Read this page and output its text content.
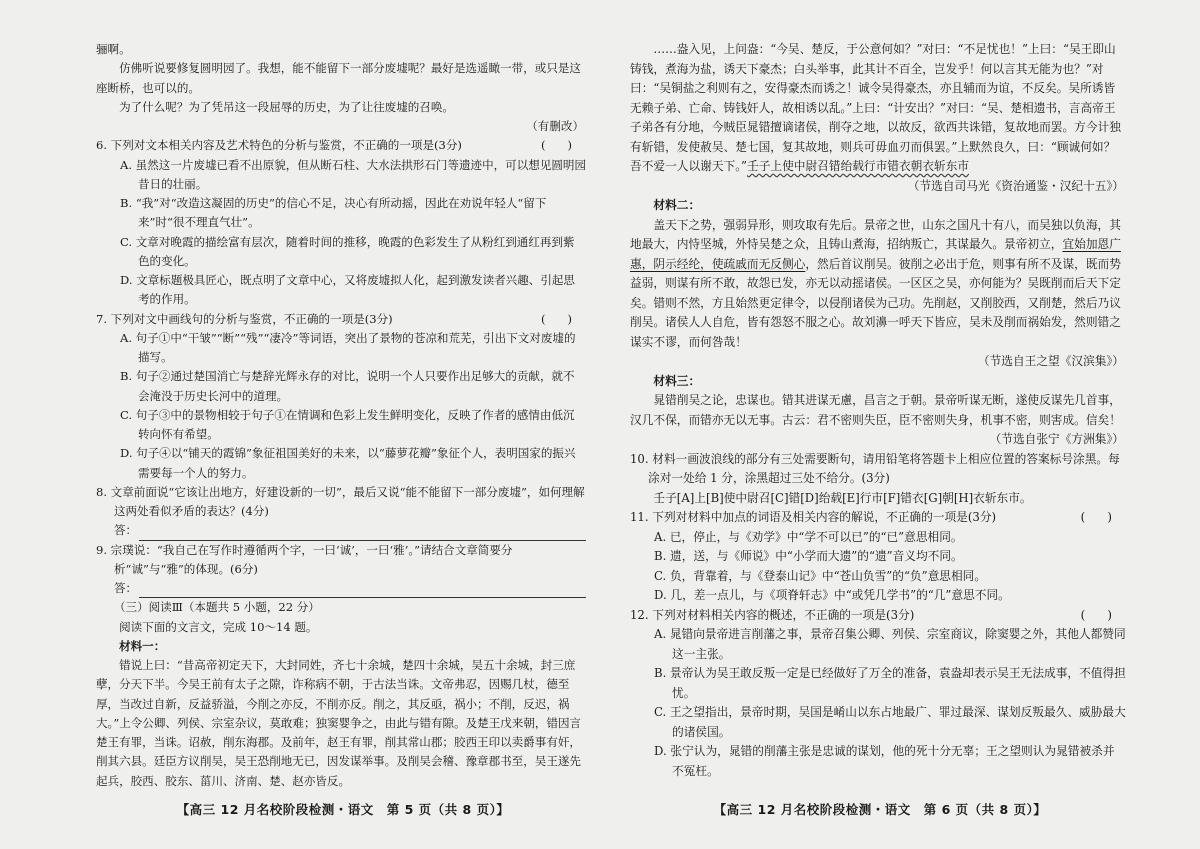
骊啊。

仿佛听说要修复圆明园了。我想，能不能留下一部分废墟呢？最好是选遥瞰一带，或只是这座断桥，也可以的。

为了什么呢？为了凭吊这一段屈辱的历史，为了让往废墟的召唤。

（有删改）

6. 下列对文本相关内容及艺术特色的分析与鉴赏，不正确的一项是(3分)	(      )

A. 虽然这一片废墟已看不出原貌，但从断石柱、大水法拱形石门等遗迹中，可以想见圆明园昔日的壮丽。

B. “我”对“改造这凝固的历史”的信心不足，决心有所动摇，因此在劝说年轻人“留下来”时“很不理直气壮”。

C. 文章对晚霞的描绘富有层次，随着时间的推移，晚霞的色彩发生了从粉红到通红再到紫色的变化。

D. 文章标题极具匠心，既点明了文章中心，又将废墟拟人化，起到激发读者兴趣、引起思考的作用。

7. 下列对文中画线句的分析与鉴赏，不正确的一项是(3分)	(      )

A. 句子①中“干皱”“断”“残”“凄冷”等词语，突出了景物的苍凉和荒芜，引出下文对废墟的描写。

B. 句子②通过楚国消亡与楚辞光辉永存的对比，说明一个人只要作出足够大的贡献，就不会淹没于历史长河中的道理。

C. 句子③中的景物相较于句子①在情调和色彩上发生鲜明变化，反映了作者的感情由低沉转向怀有希望。

D. 句子④以“铺天的霞锦”象征祖国美好的未来，以“藤萝花瓣”象征个人，表明国家的振兴需要每一个人的努力。

8. 文章前面说“它该让出地方，好建设新的一切”，最后又说“能不能留下一部分废墟”，如何理解这两处看似矛盾的表达？(4分)

答：

9. 宗璞说：“我自己在写作时遵循两个字，一曰‘诚’，一曰‘雅’。”请结合文章简要分析“诚”与“雅”的体现。(6分)

答：

（三）阅读Ⅲ（本题共 5 小题，22 分）

阅读下面的文言文，完成 10～14 题。

材料一：

错说上曰：“昔高帝初定天下，大封同姓，齐七十余城，楚四十余城，吴五十余城，封三庶孽，分天下半。今吴王前有太子之隙，诈称病不朝，于古法当诛。文帝弗忍，因赐几杖，德至厚，当改过自新，反益骄溢，今削之亦反，不削亦反。削之，其反亟，祸小；不削，反迟，祸大。”上令公卿、列侯、宗室杂议，莫敢难；独窦婴争之，由此与错有隙。及楚王戊来朝，错因言楚王有罪，当诛。诏赦，削东海郡。及前年，赵王有罪，削其常山郡；胶西王印以卖爵事有奸，削其六县。廷臣方议削吴，吴王恐削地无已，因发谋举事。及削吴会稽、豫章郡书至，吴王遂先起兵，胶西、胶东、菑川、济南、楚、赵亦皆反。

【高三 12 月名校阶段检测・语文　第 5 页（共 8 页）】

……盎入见，上问盎：“今吴、楚反，于公意何如？”对曰：“不足忧也！”上曰：“吴王即山铸钱，煮海为盐，诱天下豪杰；白头举事，此其计不百全，岂发乎！何以言其无能为也？”对曰：“吴铜盐之利则有之，安得豪杰而诱之！诚令吴得豪杰，亦且辅而为谊，不反矣。吴所诱皆无赖子弟、亡命、铸钱奸人，故相诱以乱。”上曰：“计安出？”对曰：“吴、楚相遗书，言高帝王子弟各有分地，今贼臣晁错擅谪诸侯，削夺之地，以故反，欲西共诛错，复故地而罢。方今计独有斩错，发使赦吴、楚七国，复其故地，则兵可毋血刃而俱罢。”上默然良久，曰：“顾诚何如？吾不爱一人以谢天下。”壬子上使中尉召错绐载行市错衣朝衣斩东市

（节选自司马光《资治通鉴・汉纪十五》）

材料二：

盖天下之势，强弱异形，则攻取有先后。景帝之世，山东之国凡十有八，而吴独以负海，其地最大，内恃坚城，外恃吴楚之众，且铸山煮海，招纳叛亡，其谋最久。景帝初立，宜始加恩广惠，阴示经纶，使疏戚而无反侧心，然后首议削吴。彼削之必出于危，则事有所不及谋，既而势益弱，则谋有所不敢，故怨已发，亦无以动摇诸侯。一区区之吴，亦何能为？吴既削而后天下定矣。错则不然，方且始然更定律令，以侵削诸侯为己功。先削赵，又削胶西，又削楚，然后乃议削吴。诸侯人人自危，皆有怨怒不服之心。故刘濞一呼天下皆应，吴未及削而祸始发，然则错之谋实不谬，而何咎哉！

（节选自王之望《汉滨集》）

材料三：

晁错削吴之论，忠谋也。错其进谋无慮，昌言之于朝。景帝听谋无断，遂使反谋先几首事，汉几不保，而错亦无以无事。古云：君不密则失臣，臣不密则失身，机事不密，则害成。信矣！

（节选自张宁《方洲集》）

10. 材料一画波浪线的部分有三处需要断句，请用铅笔将答题卡上相应位置的答案标号涂黑。每涂对一处给 1 分，涂黑超过三处不给分。(3分)

壬子[A]上[B]使中尉召[C]错[D]绐载[E]行市[F]错衣[G]朝[H]衣斩东市。

11. 下列对材料中加点的词语及相关内容的解说，不正确的一项是(3分)	(      )

A. 已，停止，与《劝学》中“学不可以已”的“已”意思相同。

B. 遗，送，与《师说》中“小学而大遗”的“遗”音义均不同。

C. 负，背靠着，与《登泰山记》中“苍山负雪”的“负”意思相同。

D. 几，差一点儿，与《项脊轩志》中“或凭几学书”的“几”意思不同。

12. 下列对材料相关内容的概述，不正确的一项是(3分)	(      )

A. 晁错向景帝进言削藩之事，景帝召集公卿、列侯、宗室商议，除窦婴之外，其他人都赞同这一主张。

B. 景帝认为吴王敢反叛一定是已经做好了万全的准备，袁盎却表示吴王无法成事，不值得担忧。

C. 王之望指出，景帝时期，吴国是崤山以东占地最广、罪过最深、谋划反叛最久、威胁最大的诸侯国。

D. 张宁认为，晁错的削藩主张是忠诚的谋划，他的死十分无辜；王之望则认为晁错被杀并不冤枉。

【高三 12 月名校阶段检测・语文　第 6 页（共 8 页）】
